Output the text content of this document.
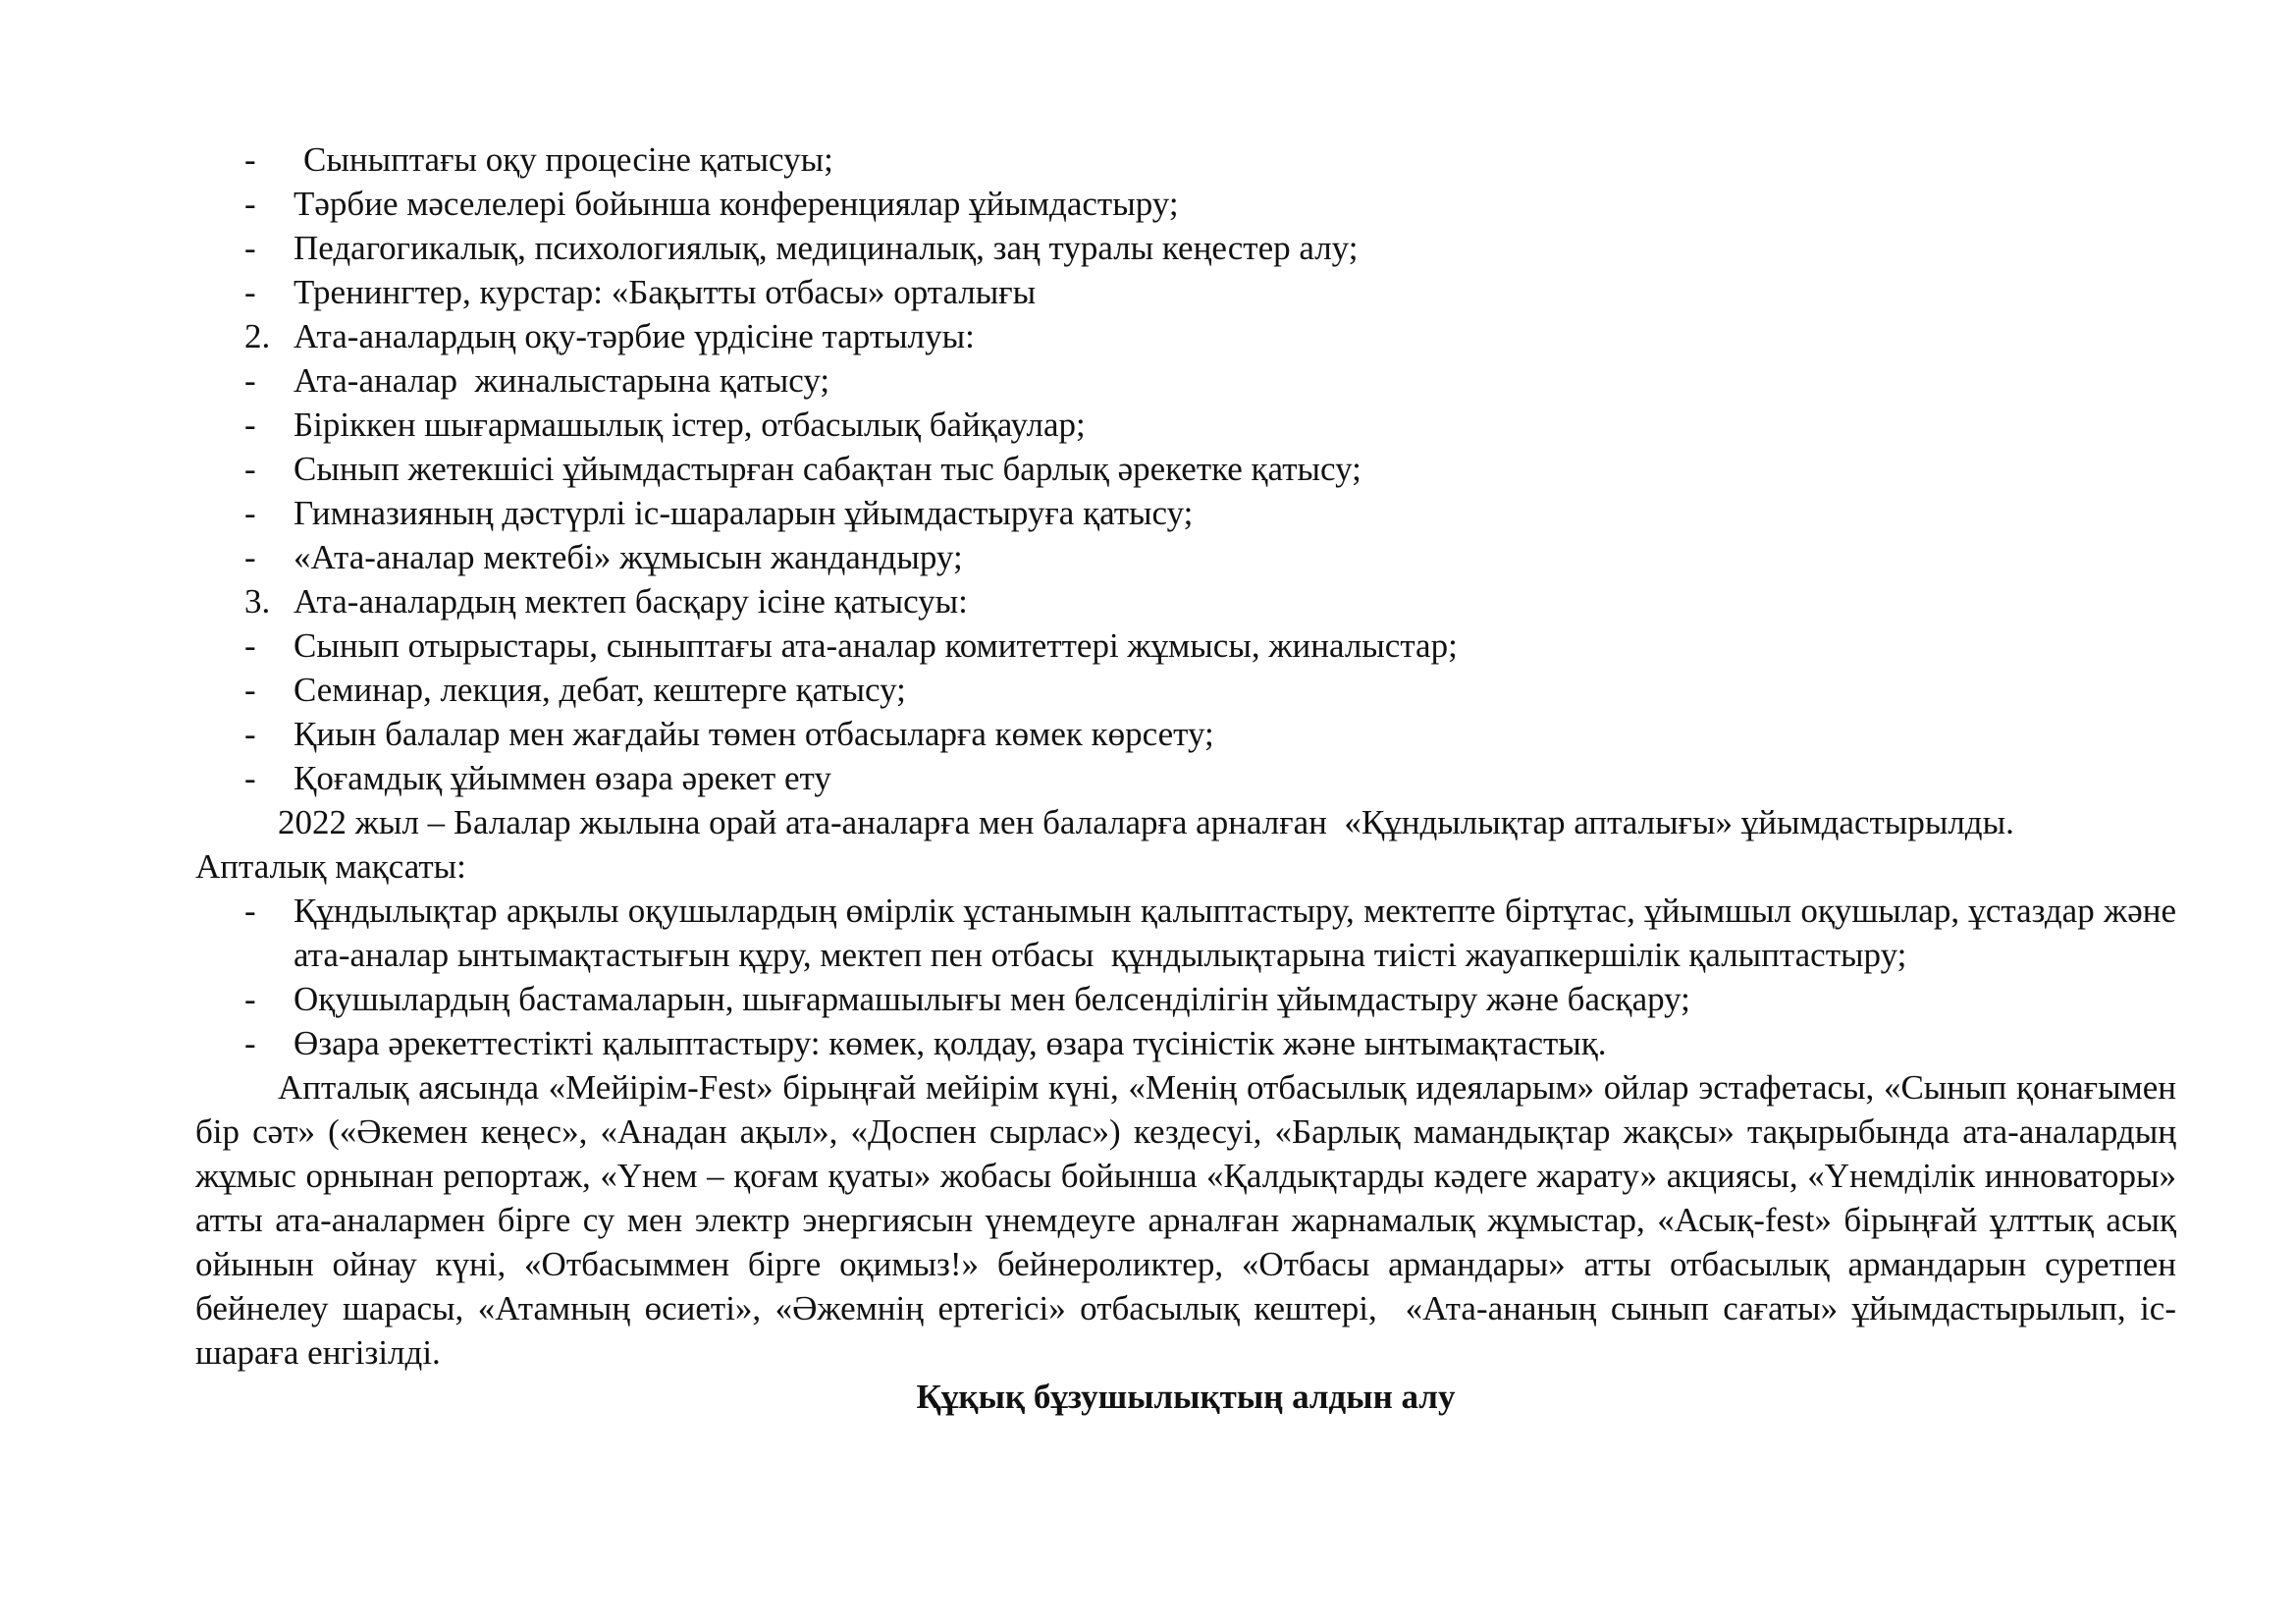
-	Сыныптағы оқу процесіне қатысуы;
-	Тәрбие мәселелері бойынша конференциялар ұйымдастыру;
-	Педагогикалық, психологиялық, медициналық, заң туралы кеңестер алу;
-	Тренингтер, курстар: «Бақытты отбасы» орталығы
2. Ата-аналардың оқу-тәрбие үрдісіне тартылуы:
-	Ата-аналар  жиналыстарына қатысу;
-	Біріккен шығармашылық істер, отбасылық байқаулар;
-	Сынып жетекшісі ұйымдастырған сабақтан тыс барлық әрекетке қатысу;
-	Гимназияның дәстүрлі іс-шараларын ұйымдастыруға қатысу;
-	«Ата-аналар мектебі» жұмысын жандандыру;
3. Ата-аналардың мектеп басқару ісіне қатысуы:
-	Сынып отырыстары, сыныптағы ата-аналар комитеттері жұмысы, жиналыстар;
-	Семинар, лекция, дебат, кештерге қатысу;
-	Қиын балалар мен жағдайы төмен отбасыларға көмек көрсету;
-	Қоғамдық ұйыммен өзара әрекет ету

2022 жыл – Балалар жылына орай ата-аналарға мен балаларға арналған  «Құндылықтар апталығы» ұйымдастырылды.

Апталық мақсаты:
-	Құндылықтар арқылы оқушылардың өмірлік ұстанымын қалыптастыру, мектепте біртұтас, ұйымшыл оқушылар, ұстаздар және  ата-аналар ынтымақтастығын құру, мектеп пен отбасы  құндылықтарына тиісті жауапкершілік қалыптастыру;
-	Оқушылардың бастамаларын, шығармашылығы мен белсенділігін ұйымдастыру және басқару;
-	Өзара әрекеттестікті қалыптастыру: көмек, қолдау, өзара түсіністік және ынтымақтастық.

Апталық аясында «Мейірім-Fest» бірыңғай мейірім күні, «Менің отбасылық идеяларым» ойлар эстафетасы, «Сынып қонағымен бір сәт» («Әкемен кеңес», «Анадан ақыл», «Доспен сырлас») кездесуі, «Барлық мамандықтар жақсы» тақырыбында ата-аналардың жұмыс орнынан репортаж, «Үнем – қоғам қуаты» жобасы бойынша «Қалдықтарды кәдеге жарату» акциясы, «Үнемділік инноваторы» атты ата-аналармен бірге су мен электр энергиясын үнемдеуге арналған жарнамалық жұмыстар, «Асық-fest» бірыңғай ұлттық асық ойынын ойнау күні, «Отбасыммен бірге оқимыз!» бейнероликтер, «Отбасы армандары» атты отбасылық армандарын суретпен бейнелеу шарасы, «Атамның өсиеті», «Әжемнің ертегісі» отбасылық кештері,  «Ата-ананың сынып сағаты» ұйымдастырылып, іс-шараға енгізілді.

Құқық бұзушылықтың алдын алу
